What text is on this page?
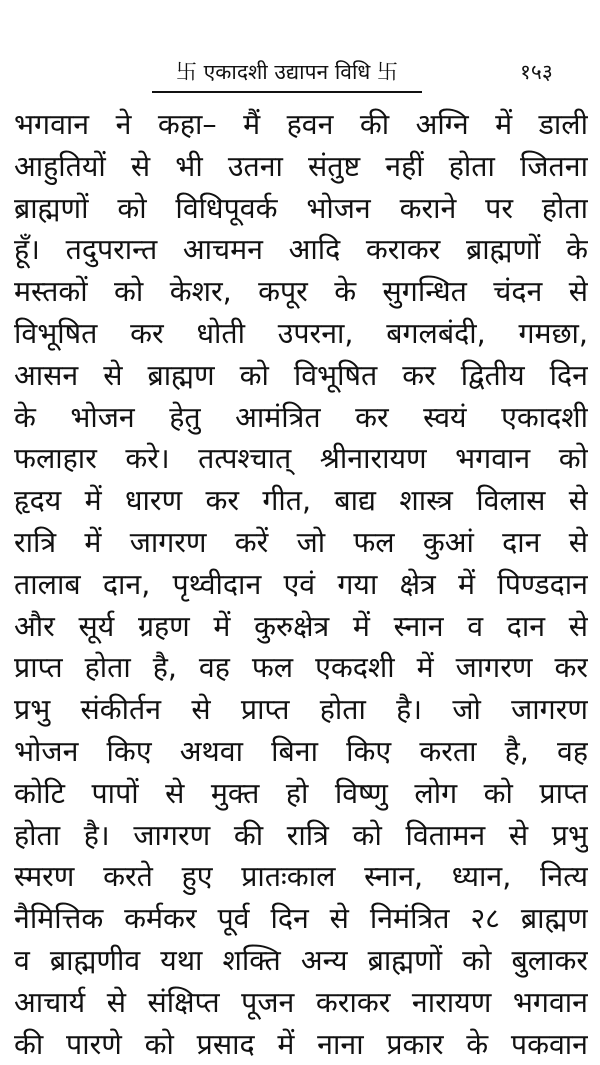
卐 एकादशी उद्यापन विधि 卐	१५३
भगवान ने कहा– मैं हवन की अग्नि में डाली
आहुतियों से भी उतना संतुष्ट नहीं होता जितना
ब्राह्मणों को विधिपूवर्क भोजन कराने पर होता
हूँ। तदुपरान्त आचमन आदि कराकर ब्राह्मणों के
मस्तकों को केशर, कपूर के सुगन्धित चंदन से
विभूषित कर धोती उपरना, बगलबंदी, गमछा,
आसन से ब्राह्मण को विभूषित कर द्वितीय दिन
के भोजन हेतु आमंत्रित कर स्वयं एकादशी
फलाहार करे। तत्पश्चात् श्रीनारायण भगवान को
हृदय में धारण कर गीत, बाद्य शास्त्र विलास से
रात्रि में जागरण करें जो फल कुआं दान से
तालाब दान, पृथ्वीदान एवं गया क्षेत्र में पिण्डदान
और सूर्य ग्रहण में कुरुक्षेत्र में स्नान व दान से
प्राप्त होता है, वह फल एकदशी में जागरण कर
प्रभु संकीर्तन से प्राप्त होता है। जो जागरण
भोजन किए अथवा बिना किए करता है, वह
कोटि पापों से मुक्त हो विष्णु लोग को प्राप्त
होता है। जागरण की रात्रि को वितामन से प्रभु
स्मरण करते हुए प्रातःकाल स्नान, ध्यान, नित्य
नैमित्तिक कर्मकर पूर्व दिन से निमंत्रित २८ ब्राह्मण
व ब्राह्मणीव यथा शक्ति अन्य ब्राह्मणों को बुलाकर
आचार्य से संक्षिप्त पूजन कराकर नारायण भगवान
की पारणे को प्रसाद में नाना प्रकार के पकवान
